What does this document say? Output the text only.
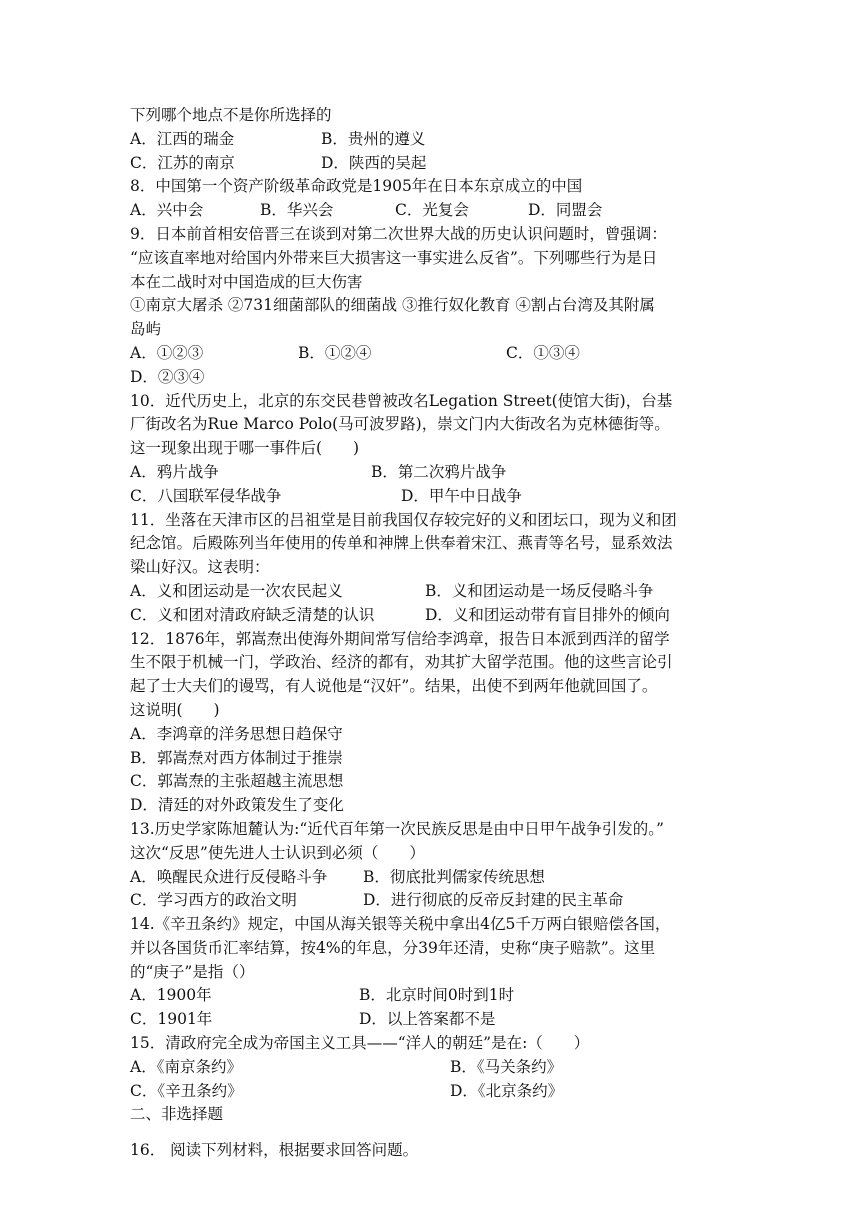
下列哪个地点不是你所选择的
A．江西的瑞金	B．贵州的遵义
C．江苏的南京	D．陕西的吴起
8．中国第一个资产阶级革命政党是1905年在日本东京成立的中国
A．兴中会	B．华兴会	C．光复会	D．同盟会
9．日本前首相安倍晋三在谈到对第二次世界大战的历史认识问题时，曾强调：
“应该直率地对给国内外带来巨大损害这一事实进么反省”。下列哪些行为是日
本在二战时对中国造成的巨大伤害
①南京大屠杀 ②731细菌部队的细菌战 ③推行奴化教育 ④割占台湾及其附属
岛屿
A．①②③	B．①②④	C．①③④
D．②③④
10．近代历史上，北京的东交民巷曾被改名Legation Street(使馆大街)，台基
厂街改名为Rue Marco Polo(马可波罗路)，崇文门内大街改名为克林德街等。
这一现象出现于哪一事件后(　　)
A．鸦片战争	B．第二次鸦片战争
C．八国联军侵华战争	D．甲午中日战争
11．坐落在天津市区的吕祖堂是目前我国仅存较完好的义和团坛口，现为义和团
纪念馆。后殿陈列当年使用的传单和神牌上供奉着宋江、燕青等名号，显系效法
梁山好汉。这表明：
A．义和团运动是一次农民起义	B．义和团运动是一场反侵略斗争
C．义和团对清政府缺乏清楚的认识	D．义和团运动带有盲目排外的倾向
12．1876年，郭嵩焘出使海外期间常写信给李鸿章，报告日本派到西洋的留学
生不限于机械一门，学政治、经济的都有，劝其扩大留学范围。他的这些言论引
起了士大夫们的谩骂，有人说他是“汉奸”。结果，出使不到两年他就回国了。
这说明(　　)
A．李鸿章的洋务思想日趋保守
B．郭嵩焘对西方体制过于推崇
C．郭嵩焘的主张超越主流思想
D．清廷的对外政策发生了变化
13.历史学家陈旭麓认为:“近代百年第一次民族反思是由中日甲午战争引发的。”
这次“反思”使先进人士认识到必须（　　）
A．唤醒民众进行反侵略斗争 B．彻底批判儒家传统思想
C．学习西方的政治文明	D．进行彻底的反帝反封建的民主革命
14.《辛丑条约》规定，中国从海关银等关税中拿出4亿5千万两白银赔偿各国，
并以各国货币汇率结算，按4%的年息，分39年还清，史称“庚子赔款”。这里
的“庚子”是指（）
A．1900年	B．北京时间0时到1时
C．1901年	D．以上答案都不是
15．清政府完全成为帝国主义工具——“洋人的朝廷”是在:（　　）
A．《南京条约》	B．《马关条约》
C．《辛丑条约》	D．《北京条约》
二、非选择题
16． 阅读下列材料，根据要求回答问题。
